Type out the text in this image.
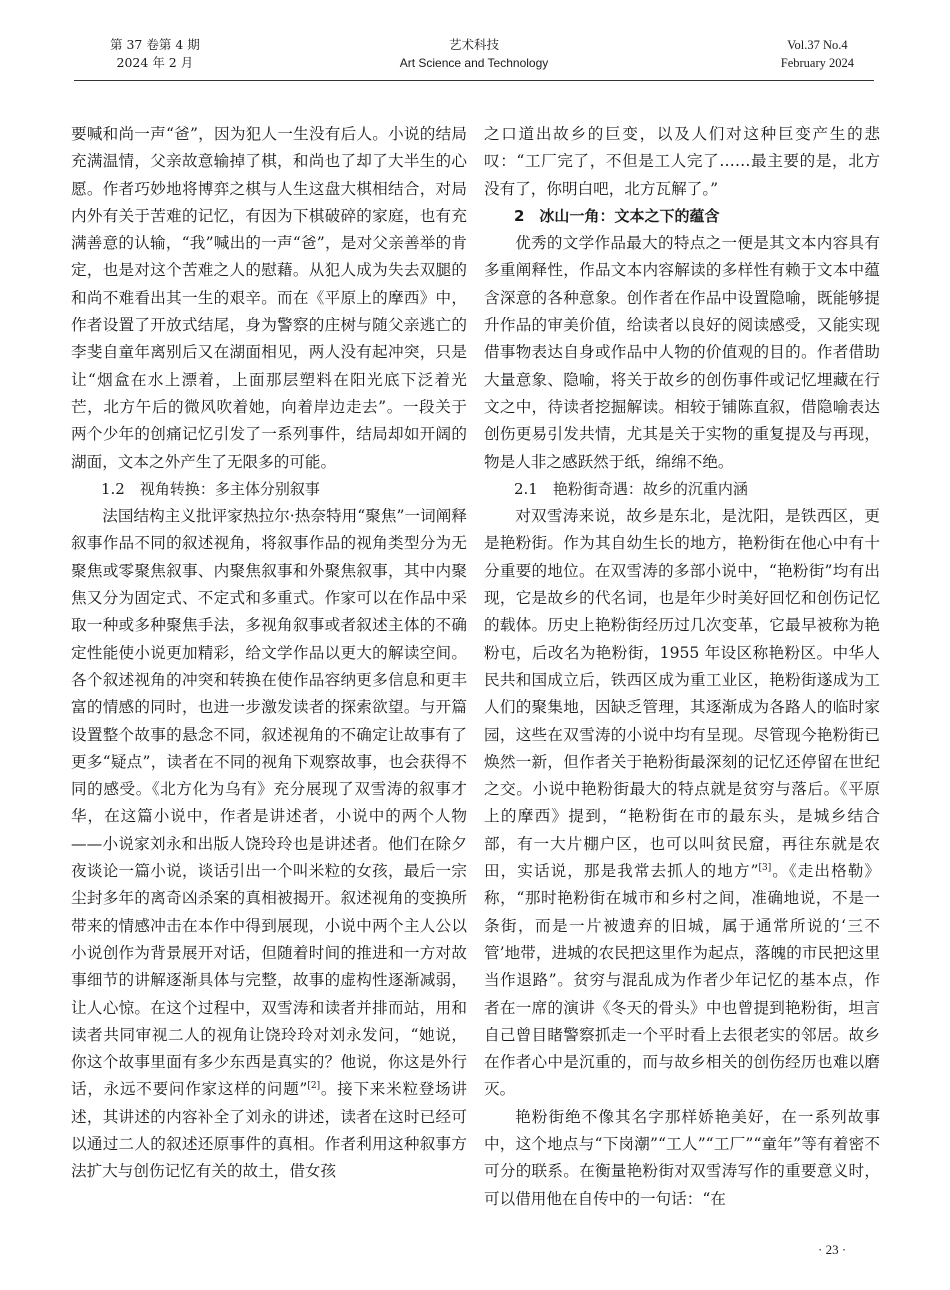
第 37 卷第 4 期
2024 年 2 月
艺术科技
Art Science and Technology
Vol.37 No.4
February 2024

要喊和尚一声“爸”，因为犯人一生没有后人。小说的结局充满温情，父亲故意输掉了棋，和尚也了却了大半生的心愿。作者巧妙地将博弈之棋与人生这盘大棋相结合，对局内外有关于苦难的记忆，有因为下棋破碎的家庭，也有充满善意的认输，“我”喊出的一声“爸”，是对父亲善举的肯定，也是对这个苦难之人的慰藉。从犯人成为失去双腿的和尚不难看出其一生的艰辛。而在《平原上的摩西》中，作者设置了开放式结尾，身为警察的庄树与随父亲逃亡的李斐自童年离别后又在湖面相见，两人没有起冲突，只是让“烟盒在水上漂着，上面那层塑料在阳光底下泛着光芒，北方午后的微风吹着她，向着岸边走去”。一段关于两个少年的创痛记忆引发了一系列事件，结局却如开阔的湖面，文本之外产生了无限多的可能。

1.2　视角转换：多主体分别叙事

法国结构主义批评家热拉尔·热奈特用“聚焦”一词阐释叙事作品不同的叙述视角，将叙事作品的视角类型分为无聚焦或零聚焦叙事、内聚焦叙事和外聚焦叙事，其中内聚焦又分为固定式、不定式和多重式。作家可以在作品中采取一种或多种聚焦手法，多视角叙事或者叙述主体的不确定性能使小说更加精彩，给文学作品以更大的解读空间。各个叙述视角的冲突和转换在使作品容纳更多信息和更丰富的情感的同时，也进一步激发读者的探索欲望。与开篇设置整个故事的悬念不同，叙述视角的不确定让故事有了更多“疑点”，读者在不同的视角下观察故事，也会获得不同的感受。《北方化为乌有》充分展现了双雪涛的叙事才华，在这篇小说中，作者是讲述者，小说中的两个人物——小说家刘永和出版人饶玲玲也是讲述者。他们在除夕夜谈论一篇小说，谈话引出一个叫米粒的女孩，最后一宗尘封多年的离奇凶杀案的真相被揭开。叙述视角的变换所带来的情感冲击在本作中得到展现，小说中两个主人公以小说创作为背景展开对话，但随着时间的推进和一方对故事细节的讲解逐渐具体与完整，故事的虚构性逐渐减弱，让人心惊。在这个过程中，双雪涛和读者并排而站，用和读者共同审视二人的视角让饶玲玲对刘永发问，“她说，你这个故事里面有多少东西是真实的？他说，你这是外行话，永远不要问作家这样的问题”[2]。接下来米粒登场讲述，其讲述的内容补全了刘永的讲述，读者在这时已经可以通过二人的叙述还原事件的真相。作者利用这种叙事方法扩大与创伤记忆有关的故土，借女孩

之口道出故乡的巨变，以及人们对这种巨变产生的悲叹：“工厂完了，不但是工人完了……最主要的是，北方没有了，你明白吧，北方瓦解了。”

2　冰山一角：文本之下的蕴含

优秀的文学作品最大的特点之一便是其文本内容具有多重阐释性，作品文本内容解读的多样性有赖于文本中蕴含深意的各种意象。创作者在作品中设置隐喻，既能够提升作品的审美价值，给读者以良好的阅读感受，又能实现借事物表达自身或作品中人物的价值观的目的。作者借助大量意象、隐喻，将关于故乡的创伤事件或记忆埋藏在行文之中，待读者挖掘解读。相较于铺陈直叙，借隐喻表达创伤更易引发共情，尤其是关于实物的重复提及与再现，物是人非之感跃然于纸，绵绵不绝。

2.1　艳粉街奇遇：故乡的沉重内涵

对双雪涛来说，故乡是东北，是沈阳，是铁西区，更是艳粉街。作为其自幼生长的地方，艳粉街在他心中有十分重要的地位。在双雪涛的多部小说中，“艳粉街”均有出现，它是故乡的代名词，也是年少时美好回忆和创伤记忆的载体。历史上艳粉街经历过几次变革，它最早被称为艳粉屯，后改名为艳粉街，1955 年设区称艳粉区。中华人民共和国成立后，铁西区成为重工业区，艳粉街遂成为工人们的聚集地，因缺乏管理，其逐渐成为各路人的临时家园，这些在双雪涛的小说中均有呈现。尽管现今艳粉街已焕然一新，但作者关于艳粉街最深刻的记忆还停留在世纪之交。小说中艳粉街最大的特点就是贫穷与落后。《平原上的摩西》提到，“艳粉街在市的最东头，是城乡结合部，有一大片棚户区，也可以叫贫民窟，再往东就是农田，实话说，那是我常去抓人的地方”[3]。《走出格勒》称，“那时艳粉街在城市和乡村之间，准确地说，不是一条街，而是一片被遗弃的旧城，属于通常所说的‘三不管’地带，进城的农民把这里作为起点，落魄的市民把这里当作退路”。贫穷与混乱成为作者少年记忆的基本点，作者在一席的演讲《冬天的骨头》中也曾提到艳粉街，坦言自己曾目睹警察抓走一个平时看上去很老实的邻居。故乡在作者心中是沉重的，而与故乡相关的创伤经历也难以磨灭。

艳粉街绝不像其名字那样娇艳美好，在一系列故事中，这个地点与“下岗潮”“工人”“工厂”“童年”等有着密不可分的联系。在衡量艳粉街对双雪涛写作的重要意义时，可以借用他在自传中的一句话：“在

· 23 ·
